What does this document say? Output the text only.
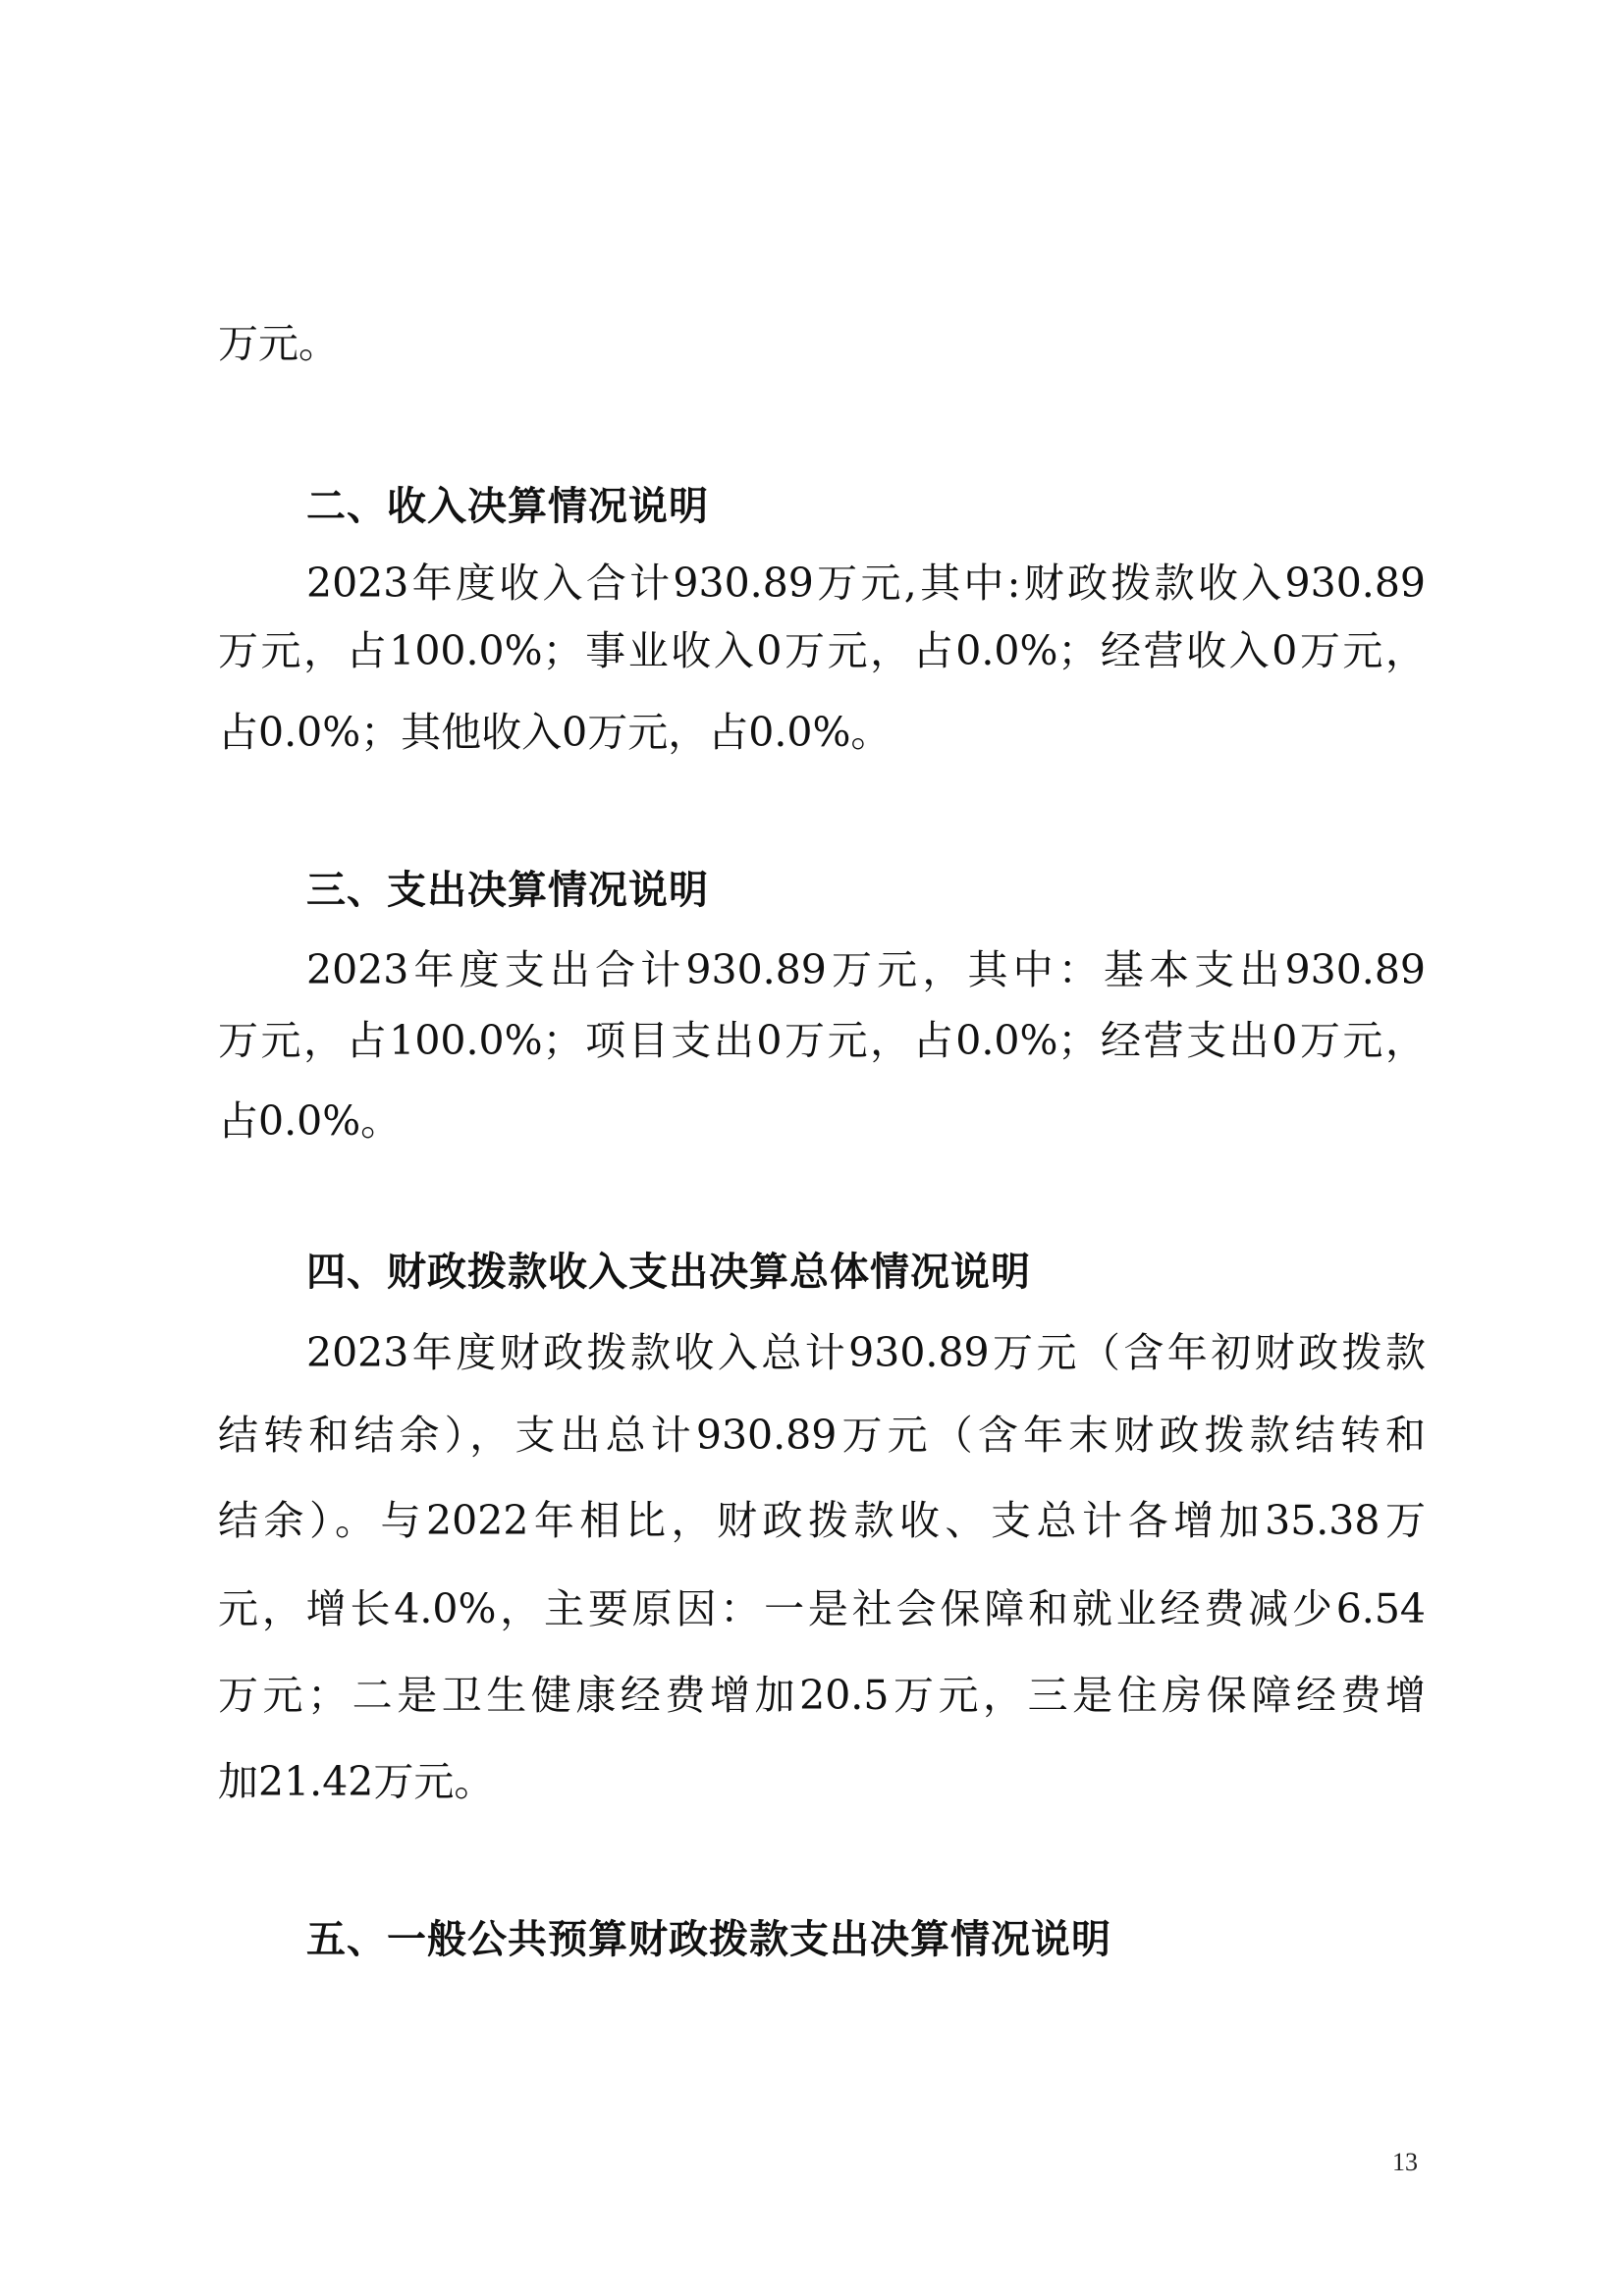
万元。
二、收入决算情况说明
2023年度收入合计930.89万元,其中:财政拨款收入930.89
万元，占100.0%；事业收入0万元，占0.0%；经营收入0万元，
占0.0%；其他收入0万元，占0.0%。
三、支出决算情况说明
2023年度支出合计930.89万元，其中：基本支出930.89
万元，占100.0%；项目支出0万元，占0.0%；经营支出0万元，
占0.0%。
四、财政拨款收入支出决算总体情况说明
2023年度财政拨款收入总计930.89万元（含年初财政拨款
结转和结余），支出总计930.89万元（含年末财政拨款结转和
结余）。与2022年相比，财政拨款收、支总计各增加35.38万
元，增长4.0%，主要原因：一是社会保障和就业经费减少6.54
万元；二是卫生健康经费增加20.5万元，三是住房保障经费增
加21.42万元。
五、一般公共预算财政拨款支出决算情况说明
13
